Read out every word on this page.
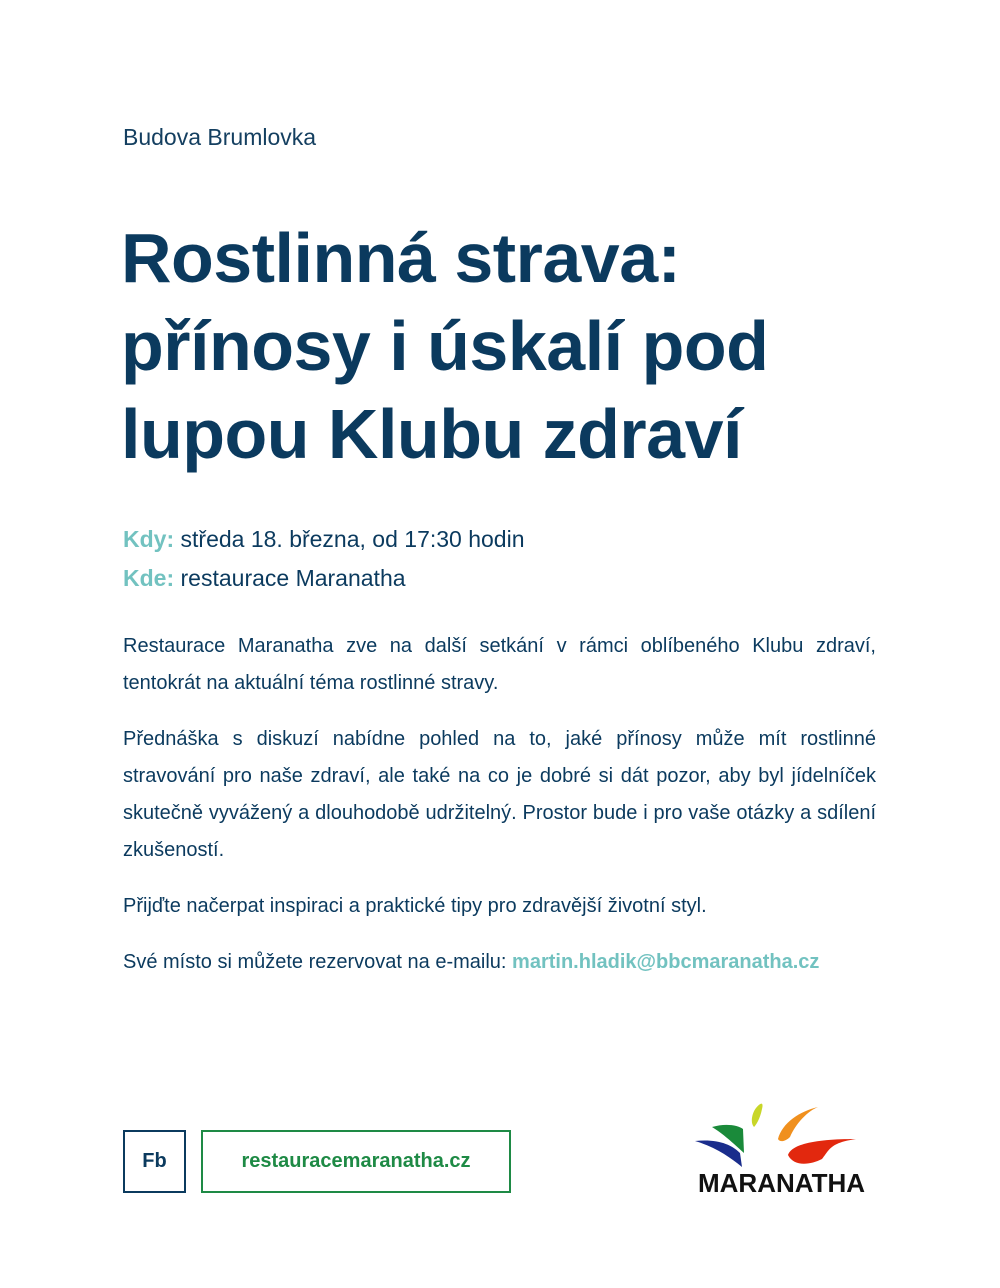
Budova Brumlovka
Rostlinná strava: přínosy i úskalí pod lupou Klubu zdraví
Kdy: středa 18. března, od 17:30 hodin
Kde: restaurace Maranatha

Restaurace Maranatha zve na další setkání v rámci oblíbeného Klubu zdraví, tentokrát na aktuální téma rostlinné stravy.

Přednáška s diskuzí nabídne pohled na to, jaké přínosy může mít rostlinné stravování pro naše zdraví, ale také na co je dobré si dát pozor, aby byl jídelníček skutečně vyvážený a dlouhodobě udržitelný. Prostor bude i pro vaše otázky a sdílení zkušeností.

Přijďte načerpat inspiraci a praktické tipy pro zdravější životní styl.

Své místo si můžete rezervovat na e-mailu: martin.hladik@bbcmaranatha.cz

Fb	restauracemaranatha.cz
MARANATHA
